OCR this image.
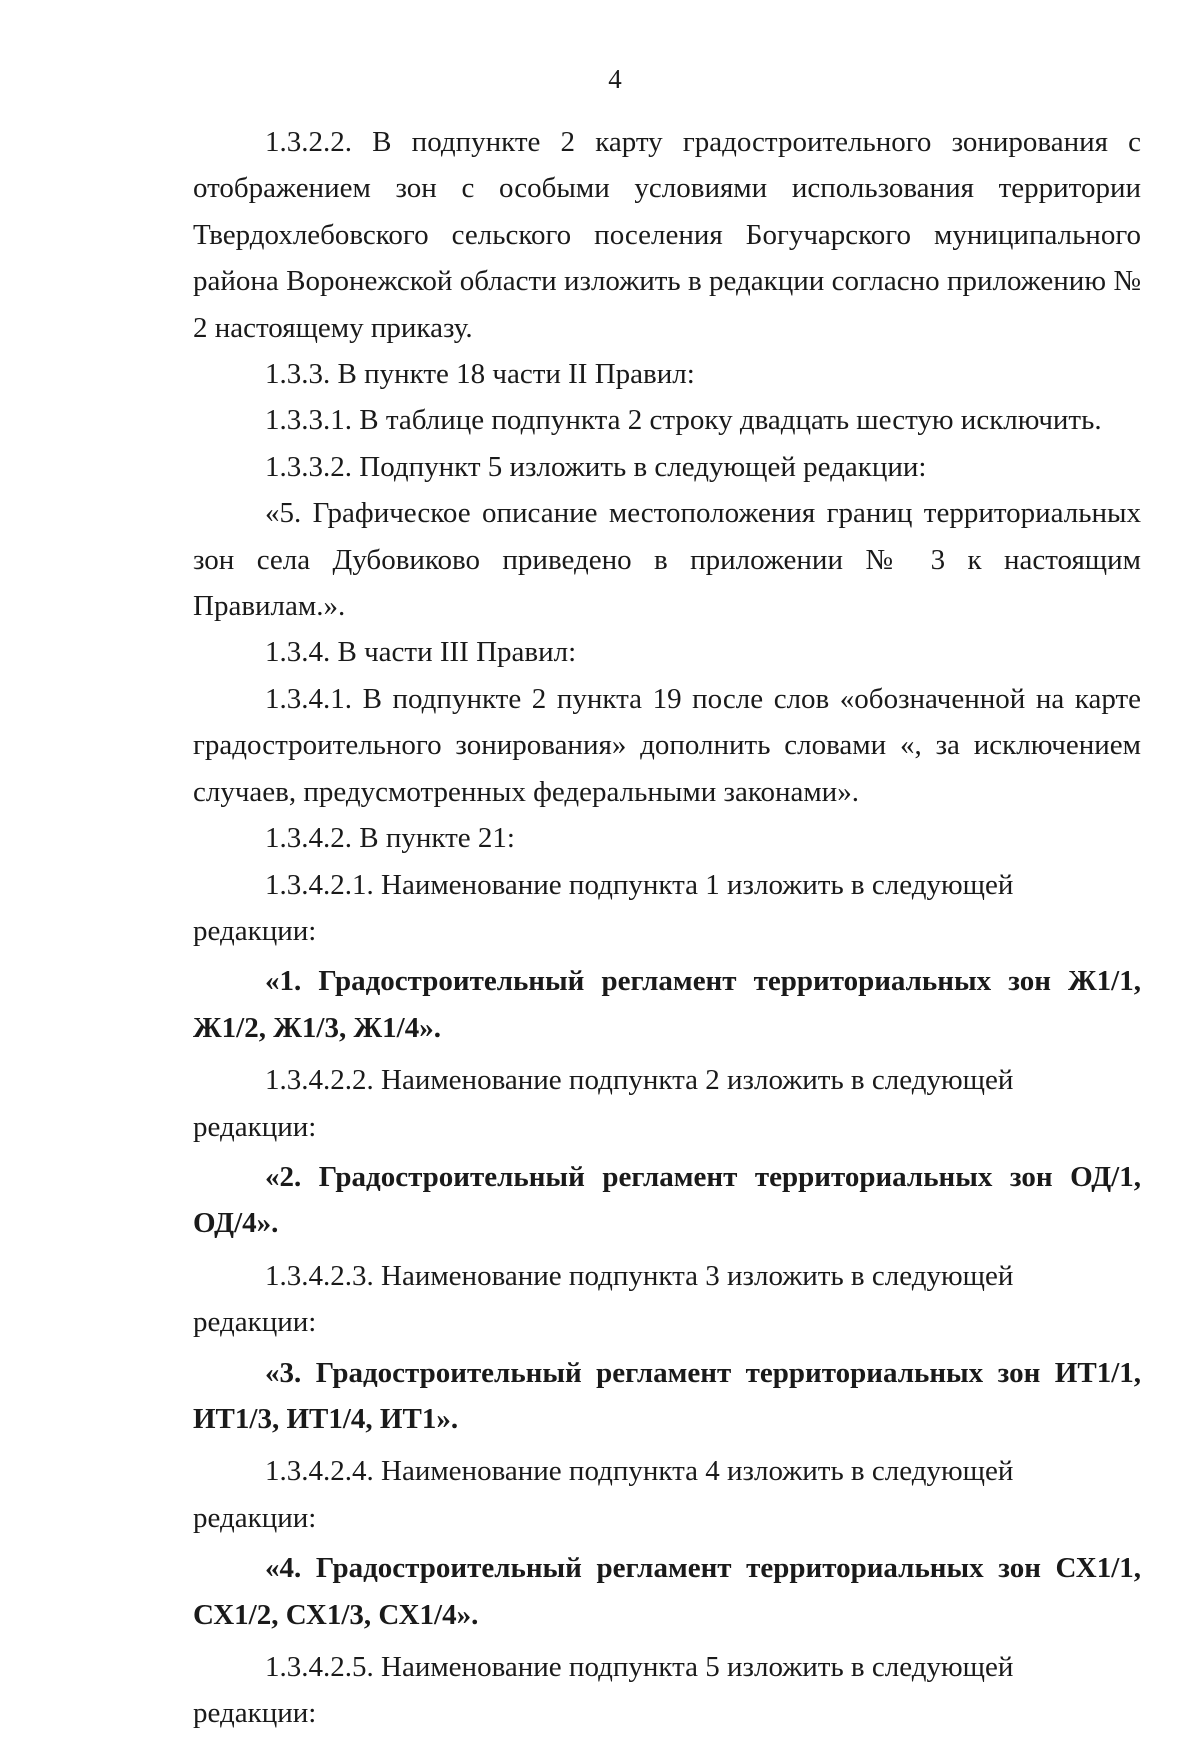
4

1.3.2.2. В подпункте 2 карту градостроительного зонирования с отображением зон с особыми условиями использования территории Твердохлебовского сельского поселения Богучарского муниципального района Воронежской области изложить в редакции согласно приложению № 2 настоящему приказу.

1.3.3. В пункте 18 части II Правил:

1.3.3.1. В таблице подпункта 2 строку двадцать шестую исключить.

1.3.3.2. Подпункт 5 изложить в следующей редакции:

«5. Графическое описание местоположения границ территориальных зон села Дубовиково приведено в приложении № 3 к настоящим Правилам.».

1.3.4. В части III Правил:

1.3.4.1. В подпункте 2 пункта 19 после слов «обозначенной на карте градостроительного зонирования» дополнить словами «, за исключением случаев, предусмотренных федеральными законами».

1.3.4.2. В пункте 21:

1.3.4.2.1. Наименование подпункта 1 изложить в следующей редакции:

«1. Градостроительный регламент территориальных зон Ж1/1, Ж1/2, Ж1/3, Ж1/4».

1.3.4.2.2. Наименование подпункта 2 изложить в следующей редакции:

«2. Градостроительный регламент территориальных зон ОД/1, ОД/4».

1.3.4.2.3. Наименование подпункта 3 изложить в следующей редакции:

«3. Градостроительный регламент территориальных зон ИТ1/1, ИТ1/3, ИТ1/4, ИТ1».

1.3.4.2.4. Наименование подпункта 4 изложить в следующей редакции:

«4. Градостроительный регламент территориальных зон СХ1/1, СХ1/2, СХ1/3, СХ1/4».

1.3.4.2.5. Наименование подпункта 5 изложить в следующей редакции:
